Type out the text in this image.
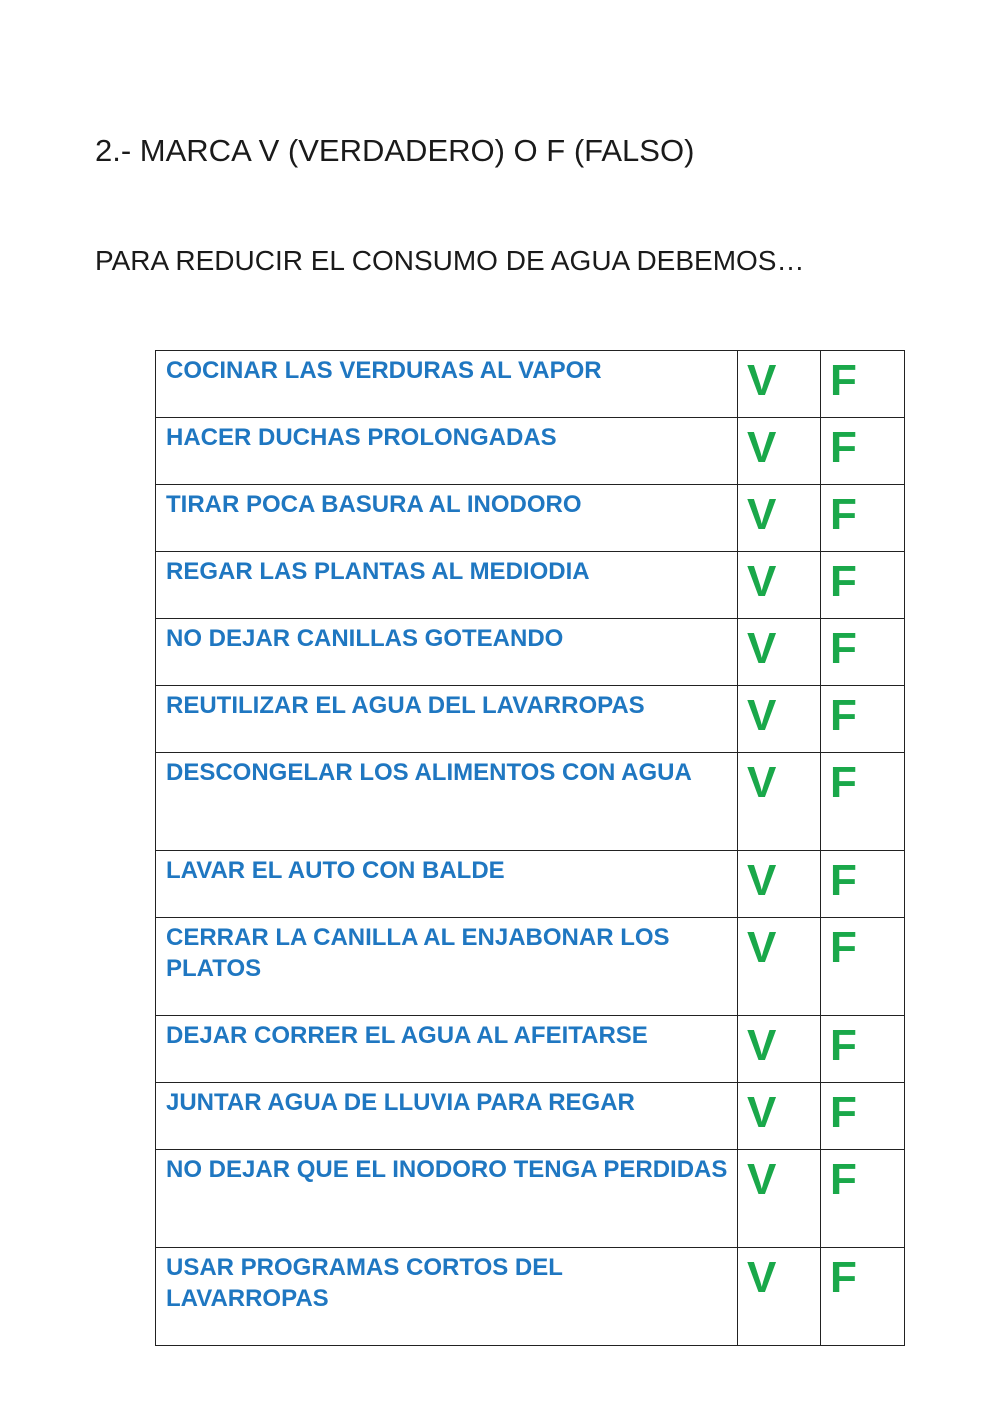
2.- MARCA V (VERDADERO) O F (FALSO)
PARA REDUCIR EL CONSUMO DE AGUA DEBEMOS…
COCINAR LAS VERDURAS AL VAPOR	V	F

HACER DUCHAS PROLONGADAS	V	F

TIRAR POCA BASURA AL INODORO	V	F

REGAR LAS PLANTAS AL MEDIODIA	V	F

NO DEJAR CANILLAS GOTEANDO	V	F

REUTILIZAR EL AGUA DEL LAVARROPAS	V	F

DESCONGELAR LOS ALIMENTOS CON AGUA	V	F

LAVAR EL AUTO CON BALDE	V	F

CERRAR LA CANILLA AL ENJABONAR LOS PLATOS	V	F

DEJAR CORRER EL AGUA AL AFEITARSE	V	F

JUNTAR AGUA DE LLUVIA PARA REGAR	V	F

NO DEJAR QUE EL INODORO TENGA PERDIDAS	V	F

USAR PROGRAMAS CORTOS DEL LAVARROPAS	V	F
